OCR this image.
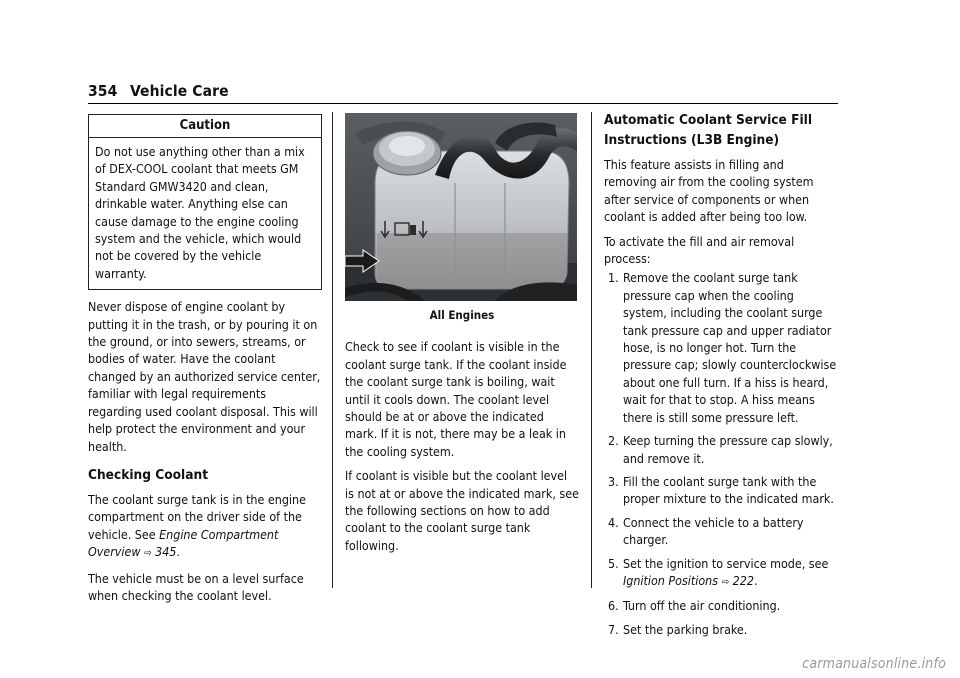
354 Vehicle Care
Caution
Do not use anything other than a mix of DEX-COOL coolant that meets GM Standard GMW3420 and clean, drinkable water. Anything else can cause damage to the engine cooling system and the vehicle, which would not be covered by the vehicle warranty.

Never dispose of engine coolant by putting it in the trash, or by pouring it on the ground, or into sewers, streams, or bodies of water. Have the coolant changed by an authorized service center, familiar with legal requirements regarding used coolant disposal. This will help protect the environment and your health.

Checking Coolant

The coolant surge tank is in the engine compartment on the driver side of the vehicle. See Engine Compartment Overview ⇨ 345.

The vehicle must be on a level surface when checking the coolant level.

All Engines

Check to see if coolant is visible in the coolant surge tank. If the coolant inside the coolant surge tank is boiling, wait until it cools down. The coolant level should be at or above the indicated mark. If it is not, there may be a leak in the cooling system.

If coolant is visible but the coolant level is not at or above the indicated mark, see the following sections on how to add coolant to the coolant surge tank following.

Automatic Coolant Service Fill Instructions (L3B Engine)

This feature assists in filling and removing air from the cooling system after service of components or when coolant is added after being too low.

To activate the fill and air removal process:

1. Remove the coolant surge tank pressure cap when the cooling system, including the coolant surge tank pressure cap and upper radiator hose, is no longer hot. Turn the pressure cap; slowly counterclockwise about one full turn. If a hiss is heard, wait for that to stop. A hiss means there is still some pressure left.
2. Keep turning the pressure cap slowly, and remove it.
3. Fill the coolant surge tank with the proper mixture to the indicated mark.
4. Connect the vehicle to a battery charger.
5. Set the ignition to service mode, see Ignition Positions ⇨ 222.
6. Turn off the air conditioning.
7. Set the parking brake.
carmanualsonline.info
